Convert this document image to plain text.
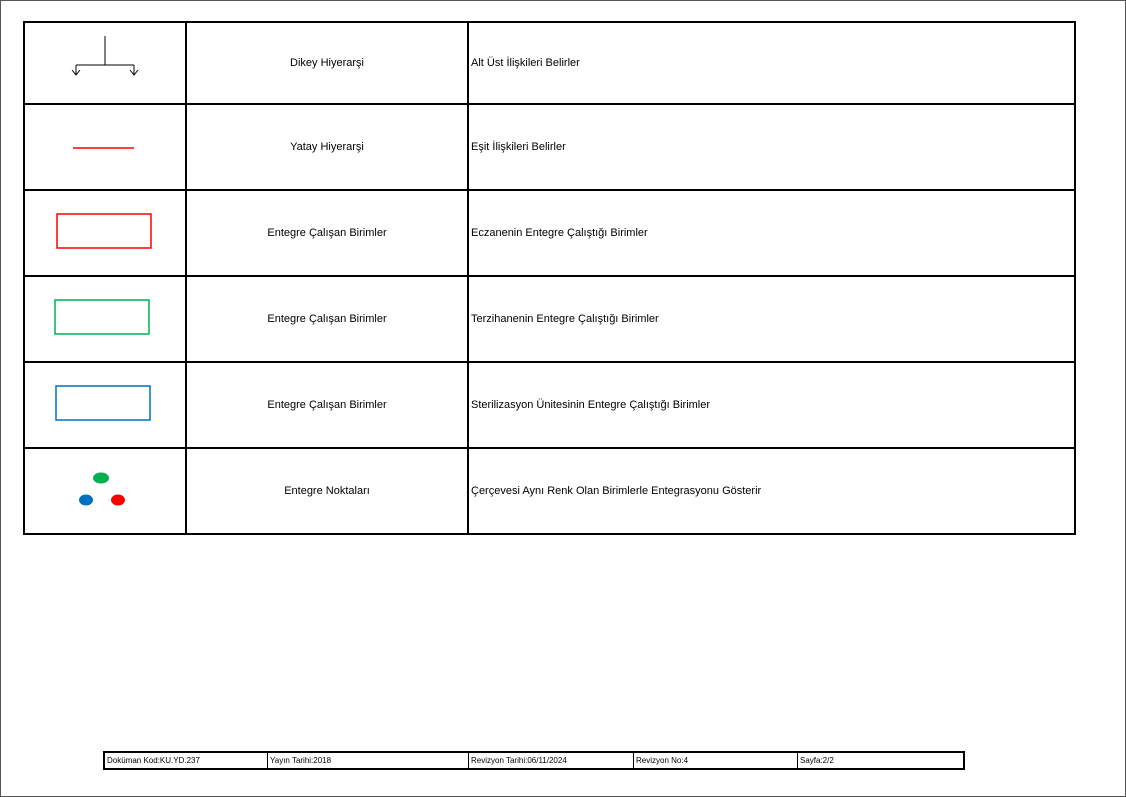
	Dikey Hiyerarşi	Alt Üst İlişkileri Belirler

	Yatay Hiyerarşi	Eşit İlişkileri Belirler

	Entegre Çalışan Birimler	Eczanenin Entegre Çalıştığı Birimler

	Entegre Çalışan Birimler	Terzihanenin Entegre Çalıştığı Birimler

	Entegre Çalışan Birimler	Sterilizasyon Ünitesinin Entegre Çalıştığı Birimler

	Entegre Noktaları	Çerçevesi Aynı Renk Olan Birimlerle Entegrasyonu Gösterir
Doküman Kod:KU.YD.237	Yayın Tarihi:2018	Revizyon Tarihi:06/11/2024	Revizyon No:4	Sayfa:2/2
